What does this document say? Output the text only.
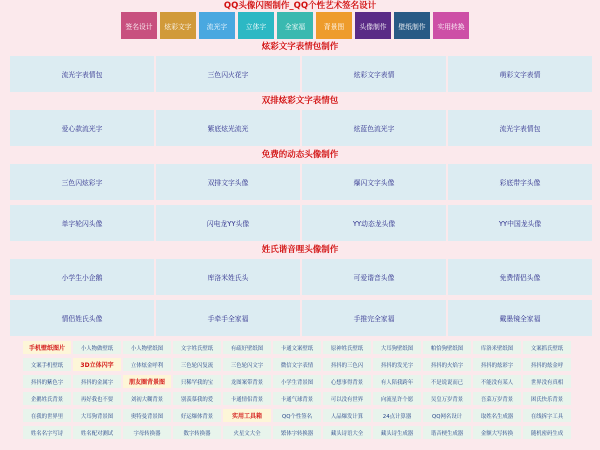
QQ头像闪图制作_QQ个性艺术签名设计
签名设计	炫彩文字	流光字	立体字	全家福	背景图	头像制作	壁纸制作	实用转换
炫彩文字表情包制作
流光字表情包	三色闪火花字	炫彩文字表情	萌彩文字表情
双排炫彩文字表情包
爱心款流光字	紫底炫光流光	炫蓝色流光字	流光字表情包
免费的动态头像制作
三色闪炫彩字	双排文字头像	爆闪文字头像	彩底带字头像
单字轮闪头像	闪电龙YY头像	YY动态龙头像	YY中国龙头像
姓氏谐音哩头像制作
小学生小企鹅	库洛米姓氏头	可爱谐音头像	免费情侣头像
情侣姓氏头像	手牵手全家福	手推完全家福	戴墨镜全家福
手机壁纸图片	小人物做壁纸	小人物壁纸图	文字姓氏壁纸	有疏好壁纸图	卡通文案壁纸	原神姓氏壁纸	大耳狗壁纸图	帕恰狗壁纸图	库洛米壁纸图	文案抓氏壁纸
文案手机壁纸	3D立体闪字	立体炫金呼利	三色轮闪复流	三色轮闪文字	微信文字表情	抖抖的三色闪	抖抖的发光字	抖抖的火焰字	抖抖的炫彩字	抖抖的炫金呼
抖抖的紫色字	抖抖的金属字	朋友圈背景图	只稀罕我的宝	龙图案带背景	小学生背景图	心想事得背景	有人陪我跨年	不是说说而已	不能没有某人	世界没有真相
企鹅姓氏背景	再好我也不要	刘初大糊背景	别羡慕我的爱	卡通情侣背景	卡通气球背景	可以没有世界	向流星许个愿	吴皇万岁背景	吾菜万岁背景	困氏快乐背景
在我的世界里	大耳狗背景图	奥特曼背景图	好运爆体背景	实用工具箱	QQ个性签名	人品爆发计算	24点计算器	QQ网名设计	取姓名生成器	在线拆字工具
姓名名字写诗	姓名配对测试	字母转换器	数字转换器	火星文大全	繁体字转换器	藏头诗语大全	藏头诗生成器	谐音梗生成器	金额大写转换	随机密码生成
